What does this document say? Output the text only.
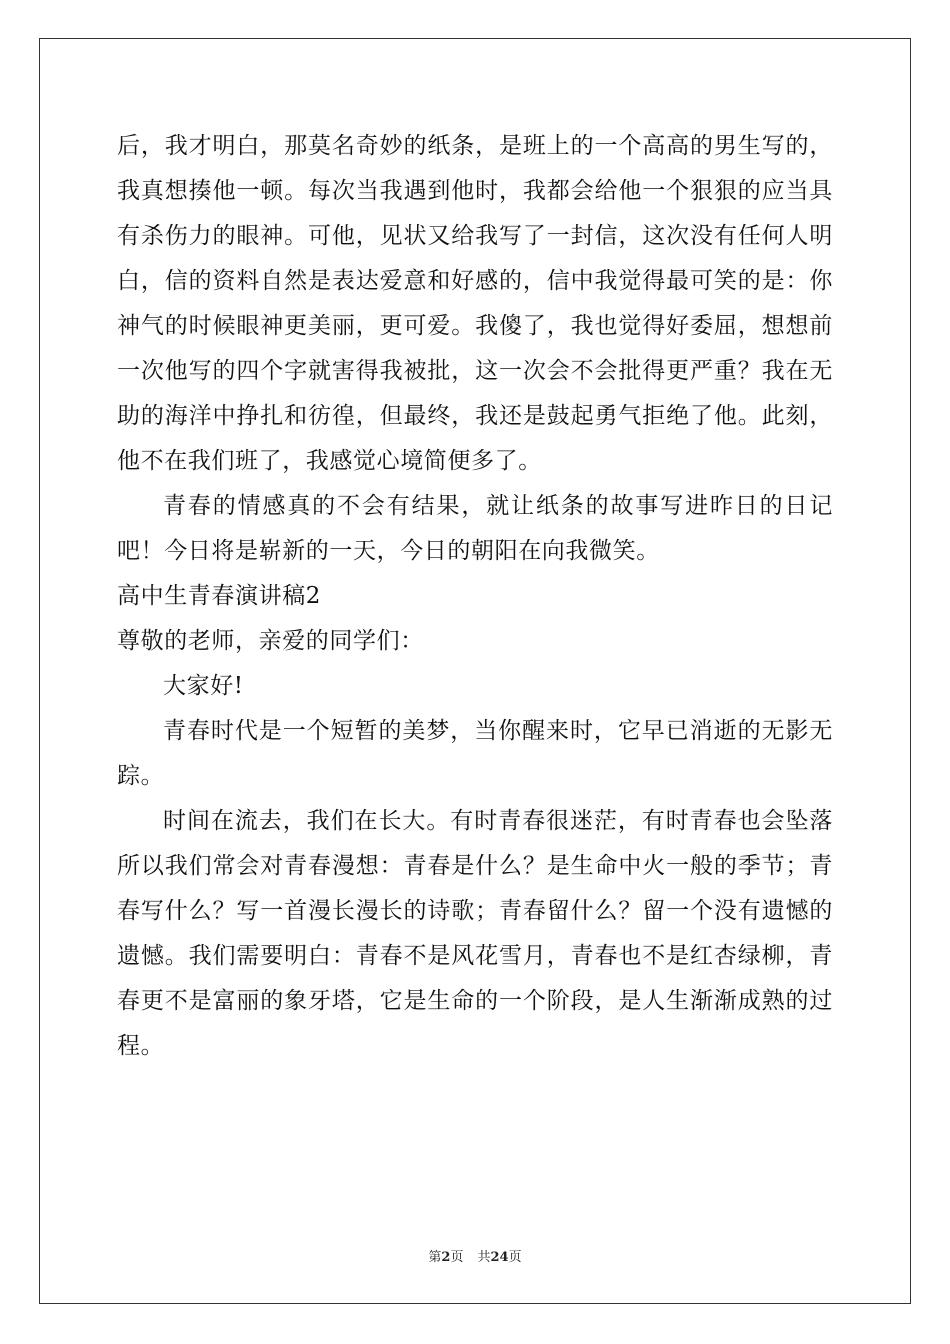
后，我才明白，那莫名奇妙的纸条，是班上的一个高高的男生写的，
我真想揍他一顿。每次当我遇到他时，我都会给他一个狠狠的应当具
有杀伤力的眼神。可他，见状又给我写了一封信，这次没有任何人明
白，信的资料自然是表达爱意和好感的，信中我觉得最可笑的是：你
神气的时候眼神更美丽，更可爱。我傻了，我也觉得好委屈，想想前
一次他写的四个字就害得我被批，这一次会不会批得更严重？我在无
助的海洋中挣扎和彷徨，但最终，我还是鼓起勇气拒绝了他。此刻，
他不在我们班了，我感觉心境简便多了。
青春的情感真的不会有结果，就让纸条的故事写进昨日的日记
吧！今日将是崭新的一天，今日的朝阳在向我微笑。
高中生青春演讲稿2
尊敬的老师，亲爱的同学们：
大家好!
青春时代是一个短暂的美梦，当你醒来时，它早已消逝的无影无
踪。
时间在流去，我们在长大。有时青春很迷茫，有时青春也会坠落
所以我们常会对青春漫想：青春是什么？是生命中火一般的季节；青
春写什么？写一首漫长漫长的诗歌；青春留什么？留一个没有遗憾的
遗憾。我们需要明白：青春不是风花雪月，青春也不是红杏绿柳，青
春更不是富丽的象牙塔，它是生命的一个阶段，是人生渐渐成熟的过
程。
第2页 共24页
